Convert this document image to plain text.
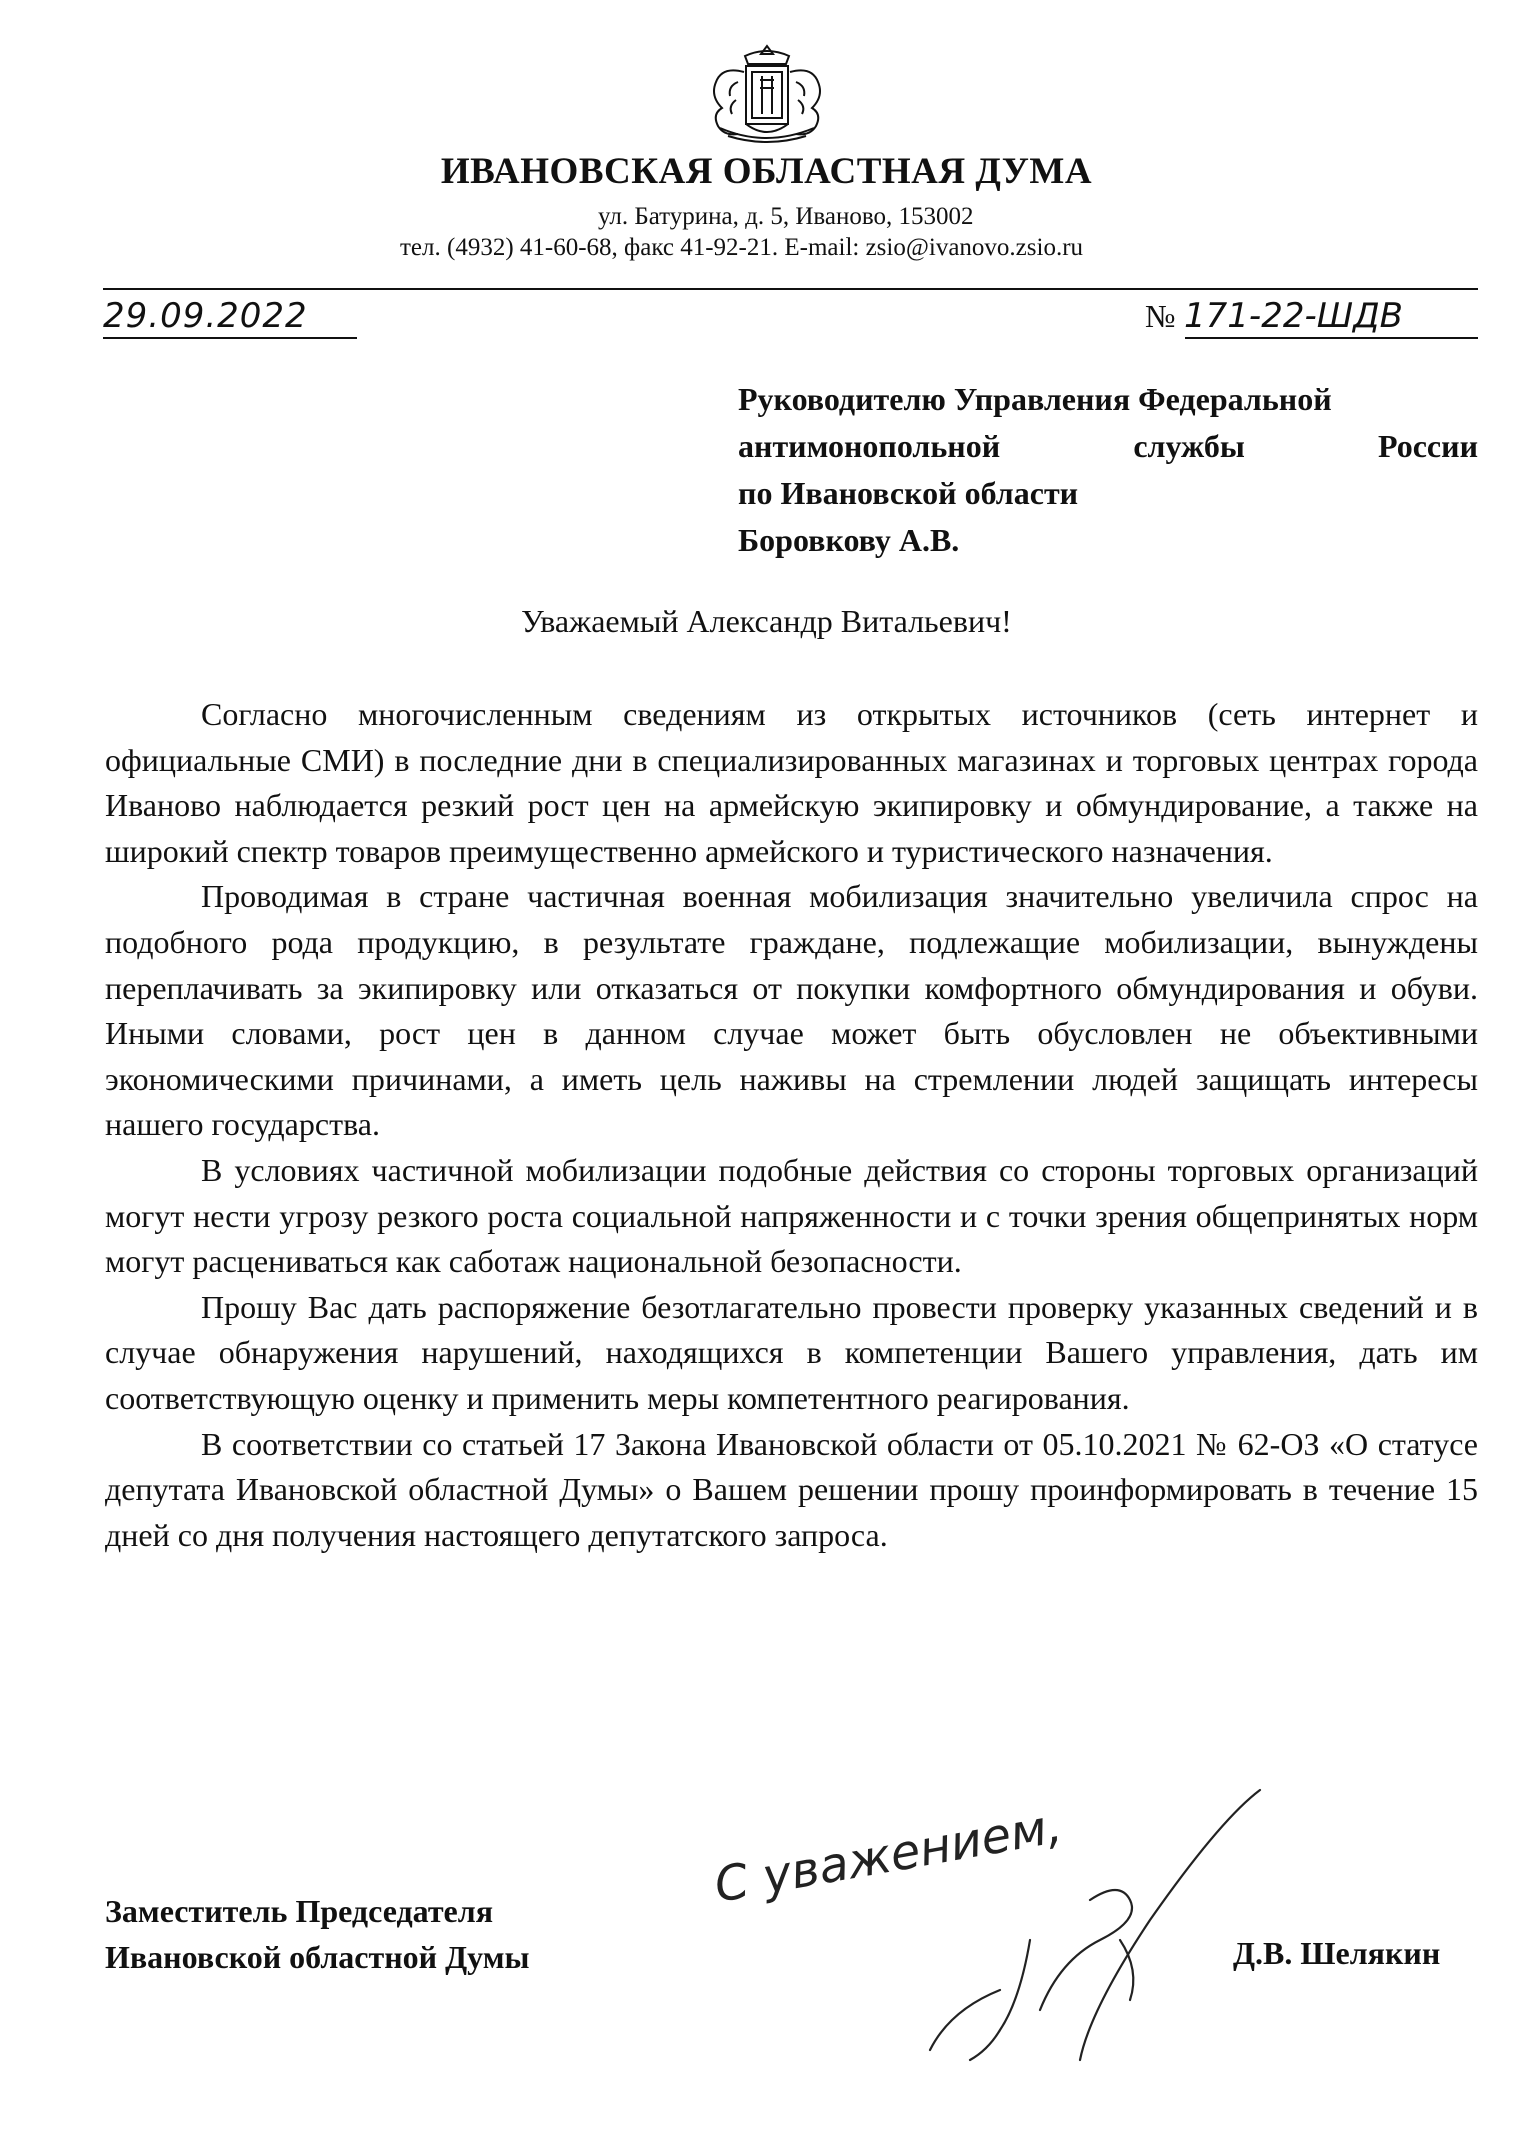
ИВАНОВСКАЯ ОБЛАСТНАЯ ДУМА
ул. Батурина, д. 5, Иваново, 153002
тел. (4932) 41-60-68, факс 41-92-21. E-mail: zsio@ivanovo.zsio.ru
29.09.2022	№ 171-22-ШДВ
Руководителю Управления Федеральной
антимонопольной службы России
по Ивановской области
Боровкову А.В.
Уважаемый Александр Витальевич!

Согласно многочисленным сведениям из открытых источников (сеть интернет и официальные СМИ) в последние дни в специализированных магазинах и торговых центрах города Иваново наблюдается резкий рост цен на армейскую экипировку и обмундирование, а также на широкий спектр товаров преимущественно армейского и туристического назначения.

Проводимая в стране частичная военная мобилизация значительно увеличила спрос на подобного рода продукцию, в результате граждане, подлежащие мобилизации, вынуждены переплачивать за экипировку или отказаться от покупки комфортного обмундирования и обуви. Иными словами, рост цен в данном случае может быть обусловлен не объективными экономическими причинами, а иметь цель наживы на стремлении людей защищать интересы нашего государства.

В условиях частичной мобилизации подобные действия со стороны торговых организаций могут нести угрозу резкого роста социальной напряженности и с точки зрения общепринятых норм могут расцениваться как саботаж национальной безопасности.

Прошу Вас дать распоряжение безотлагательно провести проверку указанных сведений и в случае обнаружения нарушений, находящихся в компетенции Вашего управления, дать им соответствующую оценку и применить меры компетентного реагирования.

В соответствии со статьей 17 Закона Ивановской области от 05.10.2021 № 62-ОЗ «О статусе депутата Ивановской областной Думы» о Вашем решении прошу проинформировать в течение 15 дней со дня получения настоящего депутатского запроса.

С уважением,
Заместитель Председателя
Ивановской областной Думы	Д.В. Шелякин
